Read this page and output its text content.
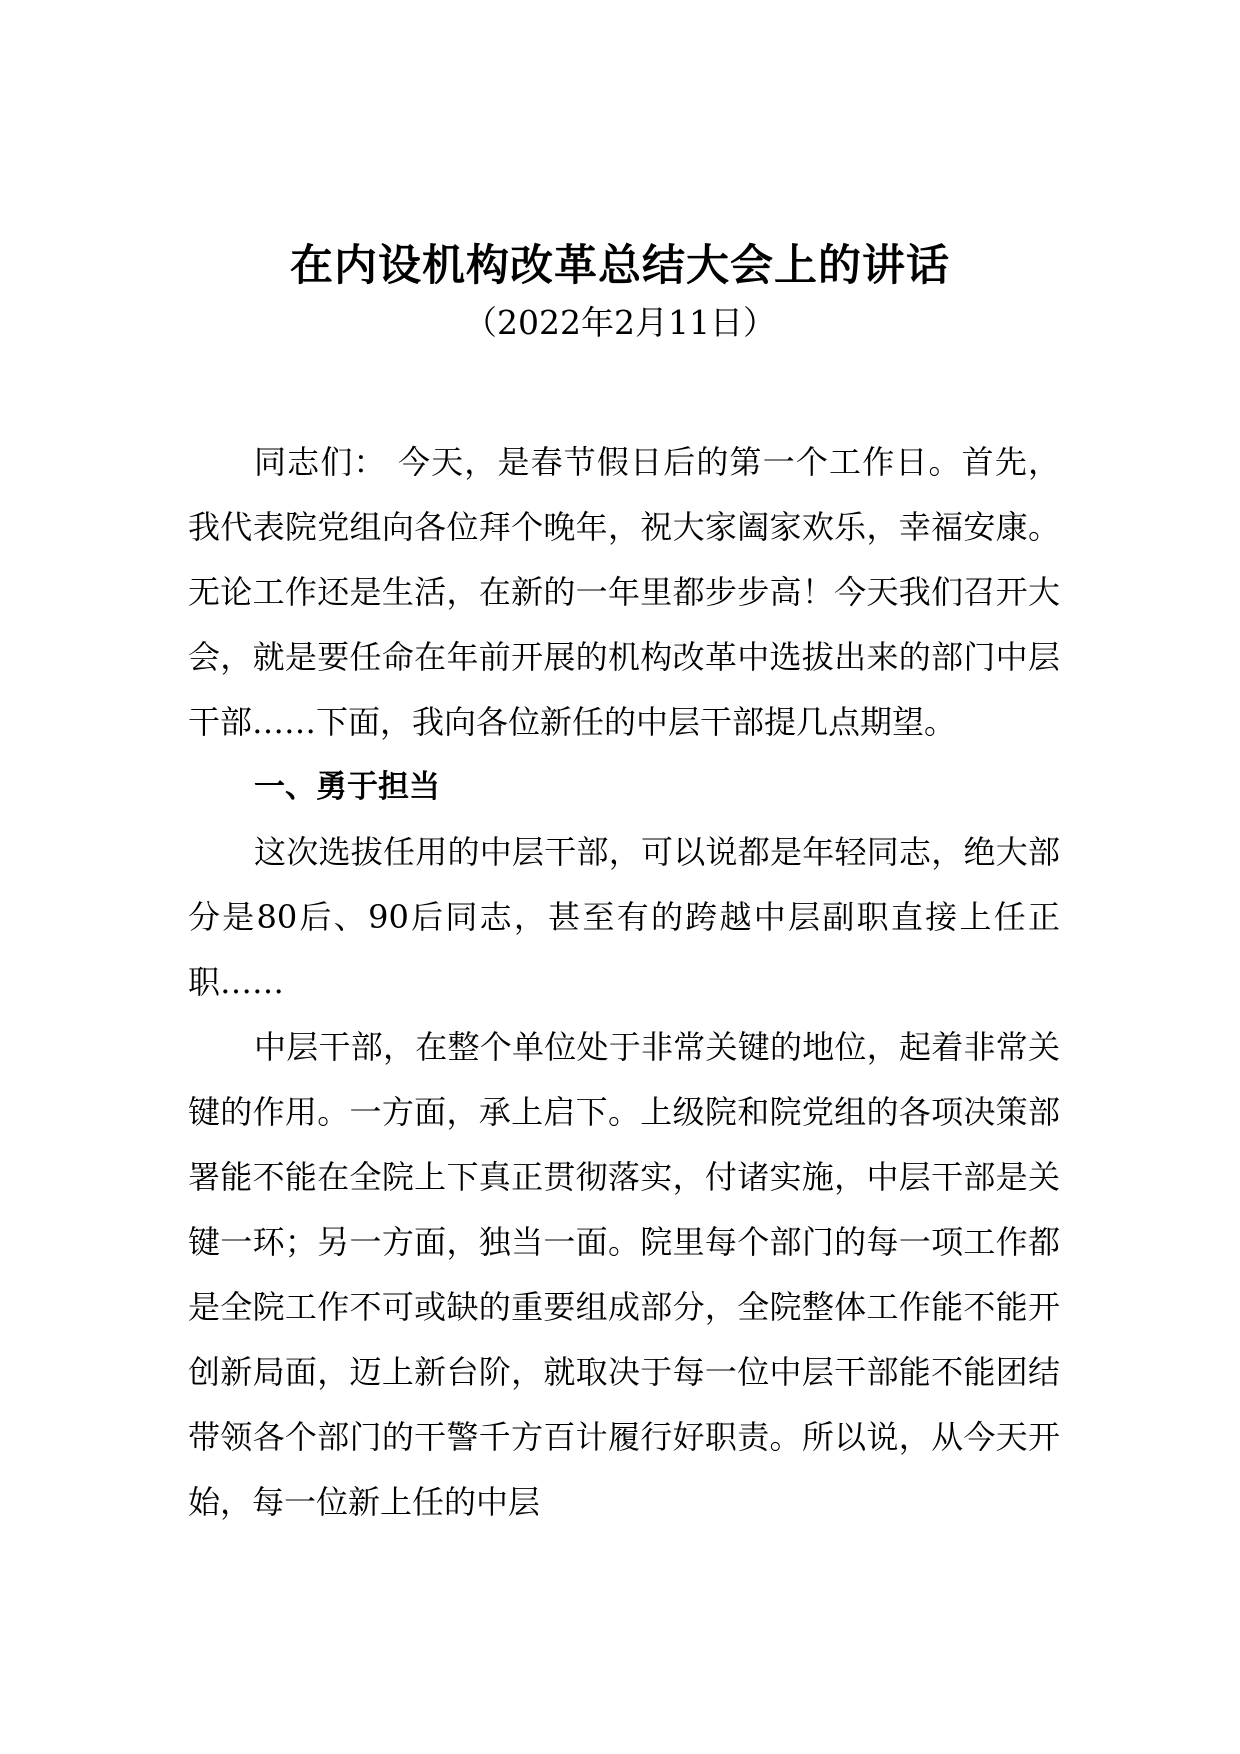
在内设机构改革总结大会上的讲话
（2022年2月11日）

同志们： 今天，是春节假日后的第一个工作日。首先，我代表院党组向各位拜个晚年，祝大家阖家欢乐，幸福安康。无论工作还是生活，在新的一年里都步步高！今天我们召开大会，就是要任命在年前开展的机构改革中选拔出来的部门中层干部……下面，我向各位新任的中层干部提几点期望。

一、勇于担当

这次选拔任用的中层干部，可以说都是年轻同志，绝大部分是80后、90后同志，甚至有的跨越中层副职直接上任正职……

中层干部，在整个单位处于非常关键的地位，起着非常关键的作用。一方面，承上启下。上级院和院党组的各项决策部署能不能在全院上下真正贯彻落实，付诸实施，中层干部是关键一环；另一方面，独当一面。院里每个部门的每一项工作都是全院工作不可或缺的重要组成部分，全院整体工作能不能开创新局面，迈上新台阶，就取决于每一位中层干部能不能团结带领各个部门的干警千方百计履行好职责。所以说，从今天开始，每一位新上任的中层
